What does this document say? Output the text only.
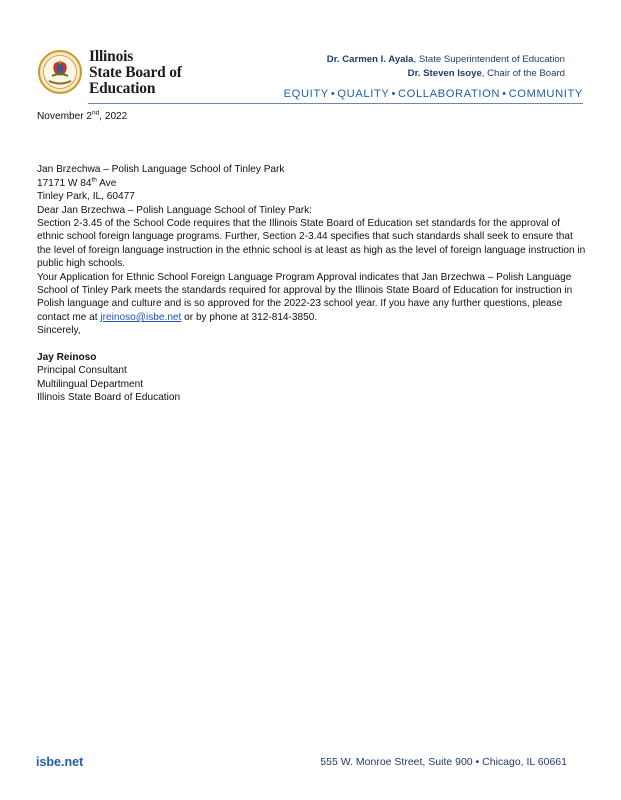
Illinois
State Board of
Education
Dr. Carmen I. Ayala, State Superintendent of Education
Dr. Steven Isoye, Chair of the Board
EQUITY • QUALITY • COLLABORATION • COMMUNITY

November 2nd, 2022

Jan Brzechwa – Polish Language School of Tinley Park

17171 W 84th Ave

Tinley Park, IL, 60477

Dear Jan Brzechwa – Polish Language School of Tinley Park:

Section 2-3.45 of the School Code requires that the Illinois State Board of Education set standards for the approval of ethnic school foreign language programs. Further, Section 2-3.44 specifies that such standards shall seek to ensure that the level of foreign language instruction in the ethnic school is at least as high as the level of foreign language instruction in public high schools.

Your Application for Ethnic School Foreign Language Program Approval indicates that Jan Brzechwa – Polish Language School of Tinley Park meets the standards required for approval by the Illinois State Board of Education for instruction in Polish language and culture and is so approved for the 2022-23 school year. If you have any further questions, please contact me at jreinoso@isbe.net or by phone at 312-814-3850.

Sincerely,

Jay Reinoso

Principal Consultant

Multilingual Department

Illinois State Board of Education

isbe.net	555 W. Monroe Street, Suite 900 • Chicago, IL 60661
